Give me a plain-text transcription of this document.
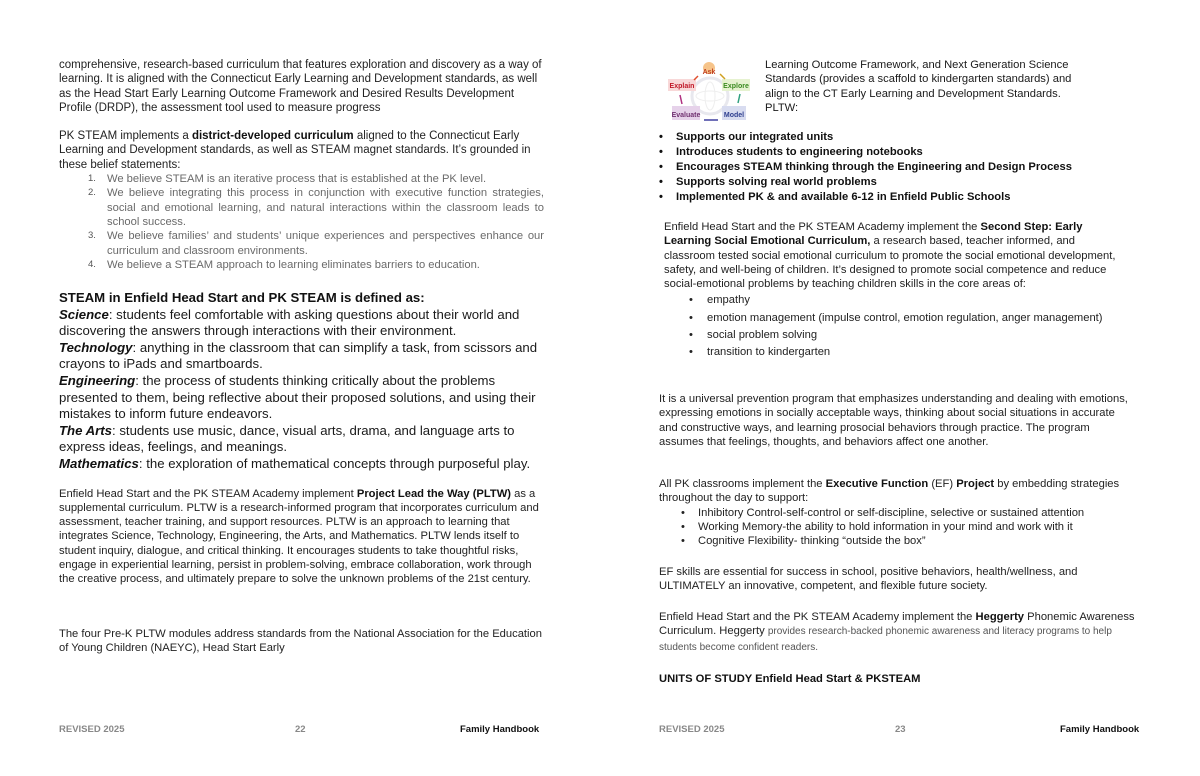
comprehensive, research-based curriculum that features exploration and discovery as a way of learning. It is aligned with the Connecticut Early Learning and Development standards, as well as the Head Start Early Learning Outcome Framework and Desired Results Development Profile (DRDP), the assessment tool used to measure progress

PK STEAM implements a district-developed curriculum aligned to the Connecticut Early Learning and Development standards, as well as STEAM magnet standards. It’s grounded in these belief statements:

1. We believe STEAM is an iterative process that is established at the PK level.
2. We believe integrating this process in conjunction with executive function strategies, social and emotional learning, and natural interactions within the classroom leads to school success.
3. We believe families’ and students’ unique experiences and perspectives enhance our curriculum and classroom environments.
4. We believe a STEAM approach to learning eliminates barriers to education.

STEAM in Enfield Head Start and PK STEAM is defined as:

Science: students feel comfortable with asking questions about their world and discovering the answers through interactions with their environment.

Technology: anything in the classroom that can simplify a task, from scissors and crayons to iPads and smartboards.

Engineering: the process of students thinking critically about the problems presented to them, being reflective about their proposed solutions, and using their mistakes to inform future endeavors.

The Arts: students use music, dance, visual arts, drama, and language arts to express ideas, feelings, and meanings.

Mathematics: the exploration of mathematical concepts through purposeful play.

Enfield Head Start and the PK STEAM Academy implement Project Lead the Way (PLTW) as a supplemental curriculum. PLTW is a research-informed program that incorporates curriculum and assessment, teacher training, and support resources. PLTW is an approach to learning that integrates Science, Technology, Engineering, the Arts, and Mathematics. PLTW lends itself to student inquiry, dialogue, and critical thinking. It encourages students to take thoughtful risks, engage in experiential learning, persist in problem-solving, embrace collaboration, work through the creative process, and ultimately prepare to solve the unknown problems of the 21st century.

The four Pre-K PLTW modules address standards from the National Association for the Education of Young Children (NAEYC), Head Start Early

REVISED 2025	22	Family Handbook
Ask
Explore
Model
Evaluate
Explain

Learning Outcome Framework, and Next Generation Science Standards (provides a scaffold to kindergarten standards) and align to the CT Early Learning and Development Standards. PLTW:

• Supports our integrated units
• Introduces students to engineering notebooks
• Encourages STEAM thinking through the Engineering and Design Process
• Supports solving real world problems
• Implemented PK & and available 6-12 in Enfield Public Schools

Enfield Head Start and the PK STEAM Academy implement the Second Step: Early Learning Social Emotional Curriculum, a research based, teacher informed, and classroom tested social emotional curriculum to promote the social emotional development, safety, and well-being of children. It’s designed to promote social competence and reduce social-emotional problems by teaching children skills in the core areas of:

• empathy
• emotion management (impulse control, emotion regulation, anger management)
• social problem solving
• transition to kindergarten

It is a universal prevention program that emphasizes understanding and dealing with emotions, expressing emotions in socially acceptable ways, thinking about social situations in accurate and constructive ways, and learning prosocial behaviors through practice. The program assumes that feelings, thoughts, and behaviors affect one another.

All PK classrooms implement the Executive Function (EF) Project by embedding strategies throughout the day to support:

• Inhibitory Control-self-control or self-discipline, selective or sustained attention
• Working Memory-the ability to hold information in your mind and work with it
• Cognitive Flexibility- thinking “outside the box”

EF skills are essential for success in school, positive behaviors, health/wellness, and ULTIMATELY an innovative, competent, and flexible future society.

Enfield Head Start and the PK STEAM Academy implement the Heggerty Phonemic Awareness Curriculum. Heggerty provides research-backed phonemic awareness and literacy programs to help students become confident readers.

UNITS OF STUDY Enfield Head Start & PKSTEAM

REVISED 2025	23	Family Handbook
